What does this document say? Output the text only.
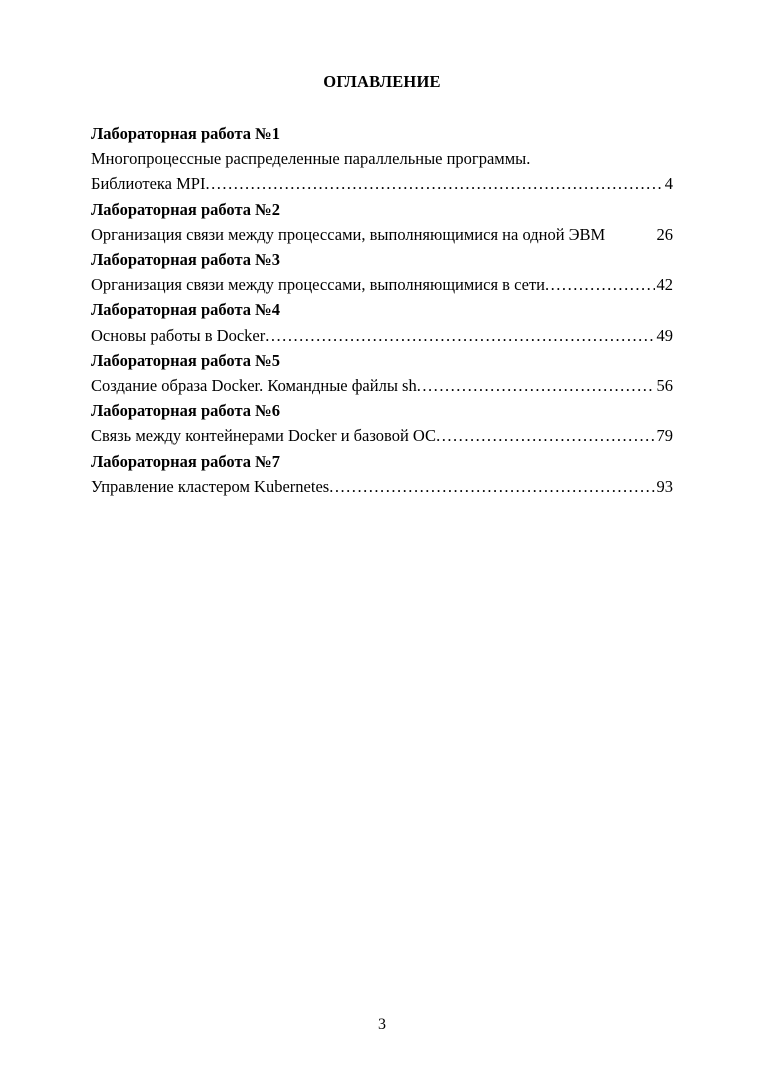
ОГЛАВЛЕНИЕ
Лабораторная работа №1
Многопроцессные распределенные параллельные программы.
Библиотека MPI . . .	4
Лабораторная работа №2
Организация связи между процессами, выполняющимися на одной ЭВМ	26
Лабораторная работа №3
Организация связи между процессами, выполняющимися в сети . . .	42
Лабораторная работа №4
Основы работы в Docker . . .	49
Лабораторная работа №5
Создание образа Docker. Командные файлы sh . . .	56
Лабораторная работа №6
Связь между контейнерами Docker и базовой ОС . . .	79
Лабораторная работа №7
Управление кластером Kubernetes . . .	93
3
